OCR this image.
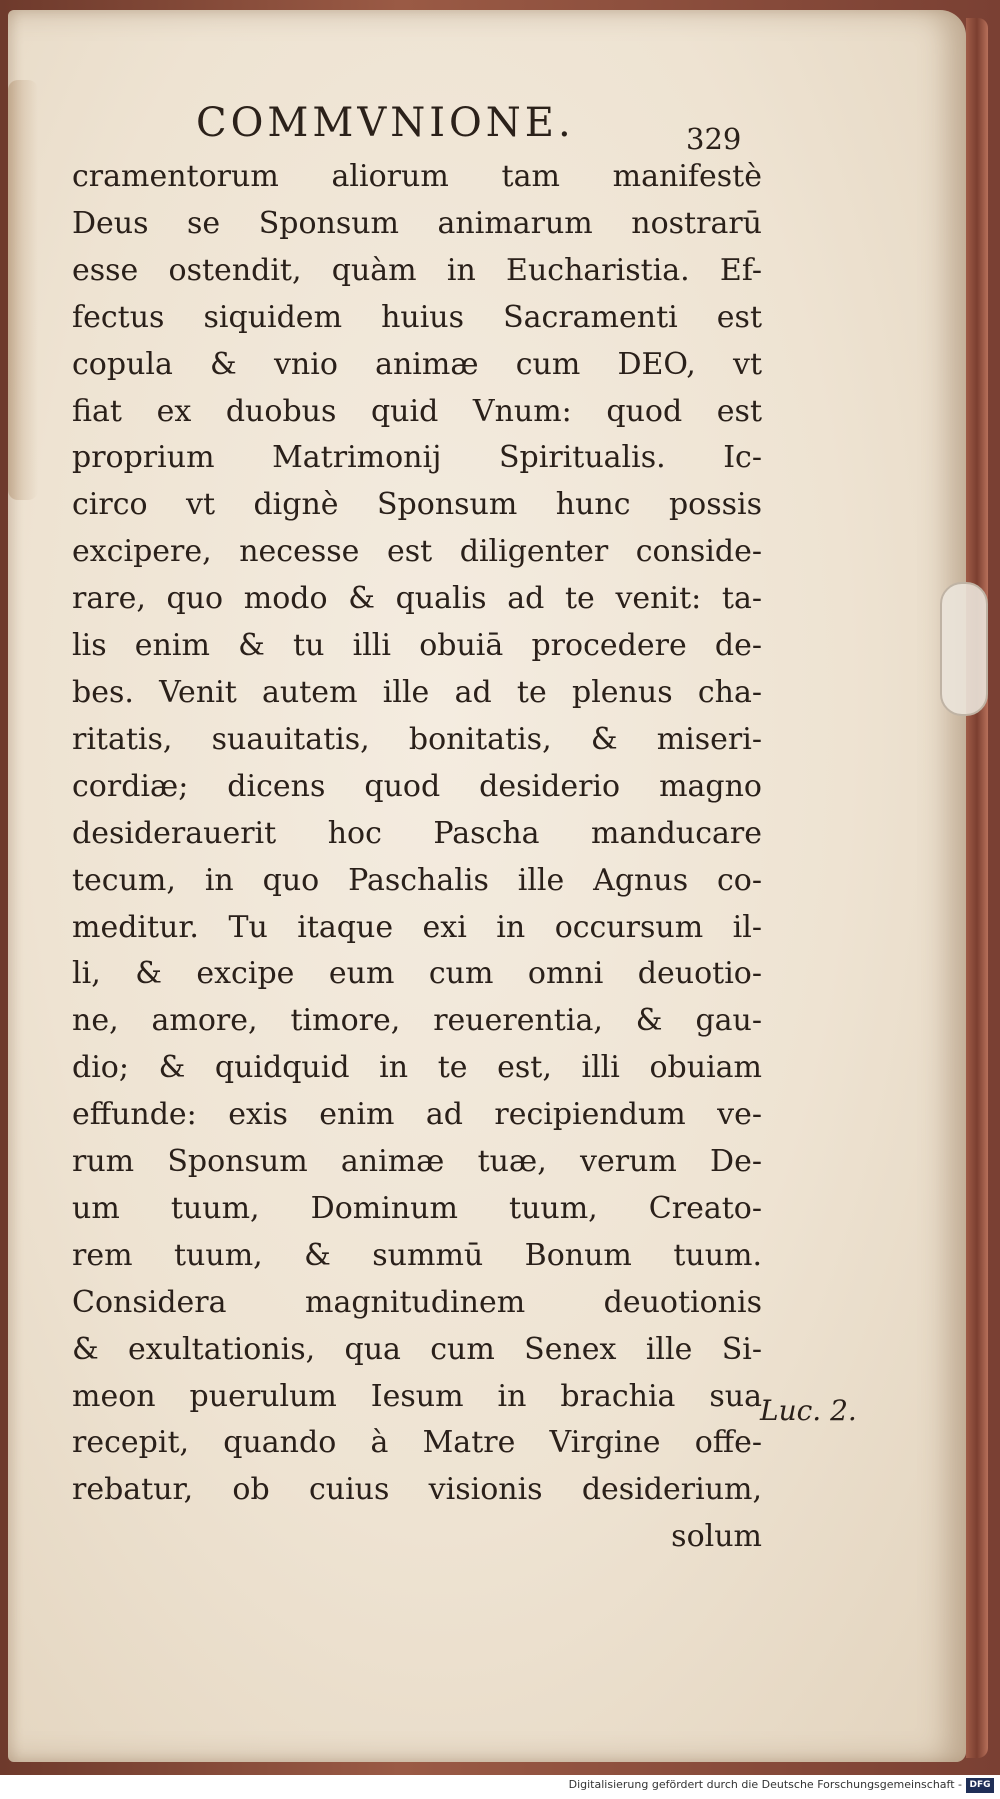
COMMVNIONE.	329
cramentorum aliorum tam manifestè
Deus se Sponsum animarum nostrarū
esse ostendit, quàm in Eucharistia. Ef-
fectus siquidem huius Sacramenti est
copula & vnio animæ cum DEO, vt
fiat ex duobus quid Vnum: quod est
proprium Matrimonij Spiritualis. Ic-
circo vt dignè Sponsum hunc possis
excipere, necesse est diligenter conside-
rare, quo modo & qualis ad te venit: ta-
lis enim & tu illi obuiā procedere de-
bes. Venit autem ille ad te plenus cha-
ritatis, suauitatis, bonitatis, & miseri-
cordiæ; dicens quod desiderio magno
desiderauerit hoc Pascha manducare
tecum, in quo Paschalis ille Agnus co-
meditur. Tu itaque exi in occursum il-
li, & excipe eum cum omni deuotio-
ne, amore, timore, reuerentia, & gau-
dio; & quidquid in te est, illi obuiam
effunde: exis enim ad recipiendum ve-
rum Sponsum animæ tuæ, verum De-
um tuum, Dominum tuum, Creato-
rem tuum, & summū Bonum tuum.
Considera magnitudinem deuotionis
& exultationis, qua cum Senex ille Si-
meon puerulum Iesum in brachia sua
recepit, quando à Matre Virgine offe-
rebatur, ob cuius visionis desiderium,
solum
Luc. 2.
Digitalisierung gefördert durch die Deutsche Forschungsgemeinschaft - DFG
